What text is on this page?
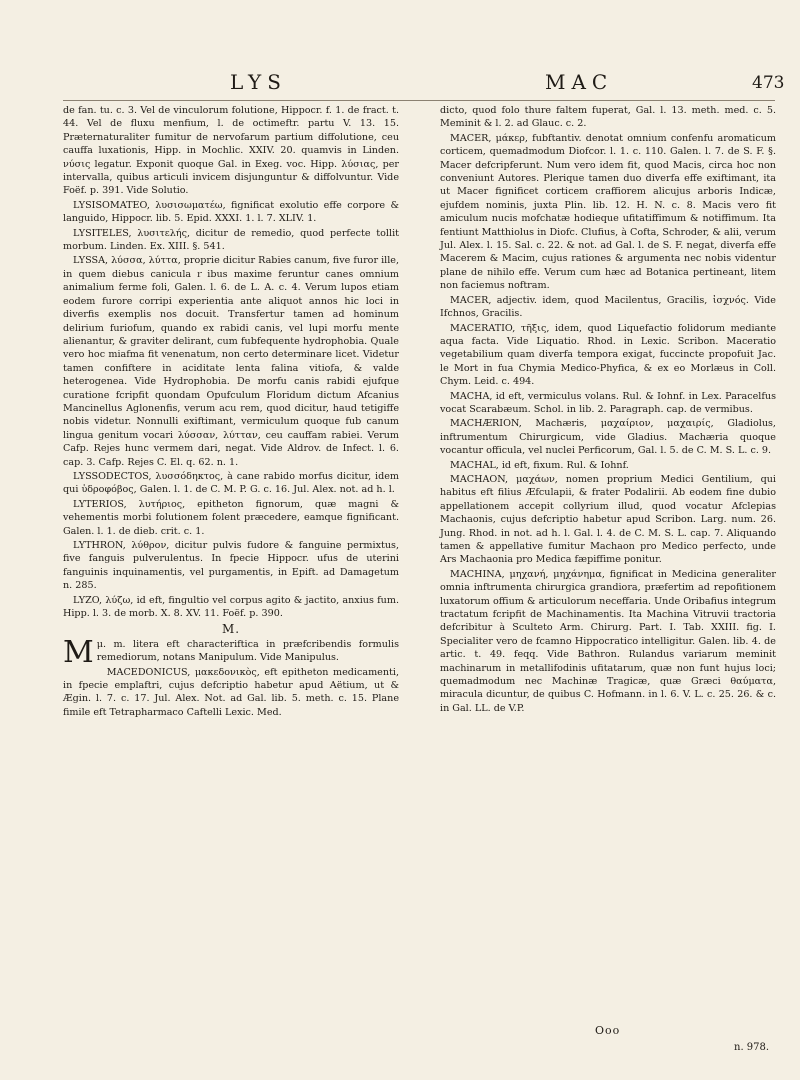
LYS	MAC	473

de fan. tu. c. 3. Vel de vinculorum folutione, Hippocr. f. 1. de fract. t. 44. Vel de fluxu menfium, l. de octimeftr. partu V. 13. 15. Præternaturaliter fumitur de nervofarum partium diffolutione, ceu cauffa luxationis, Hipp. in Mochlic. XXIV. 20. quamvis in Linden. νύσις legatur. Exponit quoque Gal. in Exeg. voc. Hipp. λύσιας, per intervalla, quibus articuli invicem disjunguntur & diffolvuntur. Vide Foëf. p. 391. Vide Solutio.

LYSISOMATEO, λυσισωματέω, fignificat exolutio effe corpore & languido, Hippocr. lib. 5. Epid. XXXI. 1. l. 7. XLIV. 1.

LYSITELES, λυσιτελής, dicitur de remedio, quod perfecte tollit morbum. Linden. Ex. XIII. §. 541.

LYSSA, λύσσα, λύττα, proprie dicitur Rabies canum, five furor ille, in quem diebus caniculaｒibus maxime feruntur canes omnium animalium ferme foli, Galen. l. 6. de L. A. c. 4. Verum lupos etiam eodem furore corripi experientia ante aliquot annos hic loci in diverfis exemplis nos docuit. Transfertur tamen ad hominum delirium furiofum, quando ex rabidi canis, vel lupi morfu mente alienantur, & graviter delirant, cum fubfequente hydrophobia. Quale vero hoc miafma fit venenatum, non certo determinare licet. Videtur tamen confiftere in aciditate lenta falina vitiofa, & valde heterogenea. Vide Hydrophobia. De morfu canis rabidi ejufque curatione fcripfit quondam Opufculum Floridum dictum Afcanius Mancinellus Aglonenfis, verum acu rem, quod dicitur, haud tetigiffe nobis videtur. Nonnulli exiftimant, vermiculum quoque fub canum lingua genitum vocari λύσσαν, λύτταν, ceu cauffam rabiei. Verum Cafp. Rejes hunc vermem dari, negat. Vide Aldrov. de Infect. l. 6. cap. 3. Cafp. Rejes C. El. q. 62. n. 1.

LYSSODECTOS, λυσσόδηκτος, à cane rabido morfus dicitur, idem qui ὑδροφόβος, Galen. l. 1. de C. M. P. G. c. 16. Jul. Alex. not. ad h. l.

LYTERIOS, λυτήριος, epitheton fignorum, quæ magni & vehementis morbi folutionem folent præcedere, eamque fignificant. Galen. l. 1. de dieb. crit. c. 1.

LYTHRON, λύθρον, dicitur pulvis fudore & fanguine permixtus, five fanguis pulverulentus. In fpecie Hippocr. ufus de uterini fanguinis inquinamentis, vel purgamentis, in Epift. ad Damagetum n. 285.

LYZO, λύζω, id eft, fingultio vel corpus agito & jactito, anxius fum. Hipp. l. 3. de morb. X. 8. XV. 11. Foëf. p. 390.

M.

Mμ. m. litera eft characteriftica in præfcribendis formulis remediorum, notans Manipulum. Vide Manipulus.

MACEDONICUS, μακεδονικὸς, eft epitheton medicamenti, in fpecie emplaftri, cujus defcriptio habetur apud Aëtium, ut & Ægin. l. 7. c. 17. Jul. Alex. Not. ad Gal. lib. 5. meth. c. 15. Plane fimile eft Tetrapharmaco Caftelli Lexic. Med.

dicto, quod folo thure faltem fuperat, Gal. l. 13. meth. med. c. 5. Meminit & l. 2. ad Glauc. c. 2.

MACER, μάκερ, fubftantiv. denotat omnium confenfu aromaticum corticem, quemadmodum Diofcor. l. 1. c. 110. Galen. l. 7. de S. F. §. Macer defcripferunt. Num vero idem fit, quod Macis, circa hoc non conveniunt Autores. Plerique tamen duo diverfa effe exiftimant, ita ut Macer fignificet corticem craffiorem alicujus arboris Indicæ, ejufdem nominis, juxta Plin. lib. 12. H. N. c. 8. Macis vero fit amiculum nucis mofchatæ hodieque ufitatiffimum & notiffimum. Ita fentiunt Matthiolus in Diofc. Clufius, à Cofta, Schroder, & alii, verum Jul. Alex. l. 15. Sal. c. 22. & not. ad Gal. l. de S. F. negat, diverfa effe Macerem & Macim, cujus rationes & argumenta nec nobis videntur plane de nihilo effe. Verum cum hæc ad Botanica pertineant, litem non faciemus noftram.

MACER, adjectiv. idem, quod Macilentus, Gracilis, ἰσχνός. Vide Ifchnos, Gracilis.

MACERATIO, τῆξις, idem, quod Liquefactio folidorum mediante aqua facta. Vide Liquatio. Rhod. in Lexic. Scribon. Maceratio vegetabilium quam diverfa tempora exigat, fuccincte propofuit Jac. le Mort in fua Chymia Medico-Phyfica, & ex eo Morlæus in Coll. Chym. Leid. c. 494.

MACHA, id eft, vermiculus volans. Rul. & Iohnf. in Lex. Paracelfus vocat Scarabæum. Schol. in lib. 2. Paragraph. cap. de vermibus.

MACHÆRION, Machæris, μαχαίριον, μαχαιρίς, Gladiolus, inftrumentum Chirurgicum, vide Gladius. Machæria quoque vocantur officula, vel nuclei Perficorum, Gal. l. 5. de C. M. S. L. c. 9.

MACHAL, id eft, fixum. Rul. & Iohnf.

MACHAON, μαχάων, nomen proprium Medici Gentilium, qui habitus eft filius Æfculapii, & frater Podalirii. Ab eodem fine dubio appellationem accepit collyrium illud, quod vocatur Afclepias Machaonis, cujus defcriptio habetur apud Scribon. Larg. num. 26. Jung. Rhod. in not. ad h. l. Gal. l. 4. de C. M. S. L. cap. 7. Aliquando tamen & appellative fumitur Machaon pro Medico perfecto, unde Ars Machaonia pro Medica fæpiffime ponitur.

MACHINA, μηχανή, μηχάνημα, fignificat in Medicina generaliter omnia inftrumenta chirurgica grandiora, præfertim ad repofitionem luxatorum offium & articulorum neceffaria. Unde Oribafius integrum tractatum fcripfit de Machinamentis. Ita Machina Vitruvii tractoria defcribitur à Sculteto Arm. Chirurg. Part. I. Tab. XXIII. fig. I. Specialiter vero de fcamno Hippocratico intelligitur. Galen. lib. 4. de artic. t. 49. feqq. Vide Bathron. Rulandus variarum meminit machinarum in metallifodinis ufitatarum, quæ non funt hujus loci; quemadmodum nec Machinæ Tragicæ, quæ Græci θαύματα, miracula dicuntur, de quibus C. Hofmann. in l. 6. V. L. c. 25. 26. & c. in Gal. LL. de V.P.

Ooo
n. 978.
